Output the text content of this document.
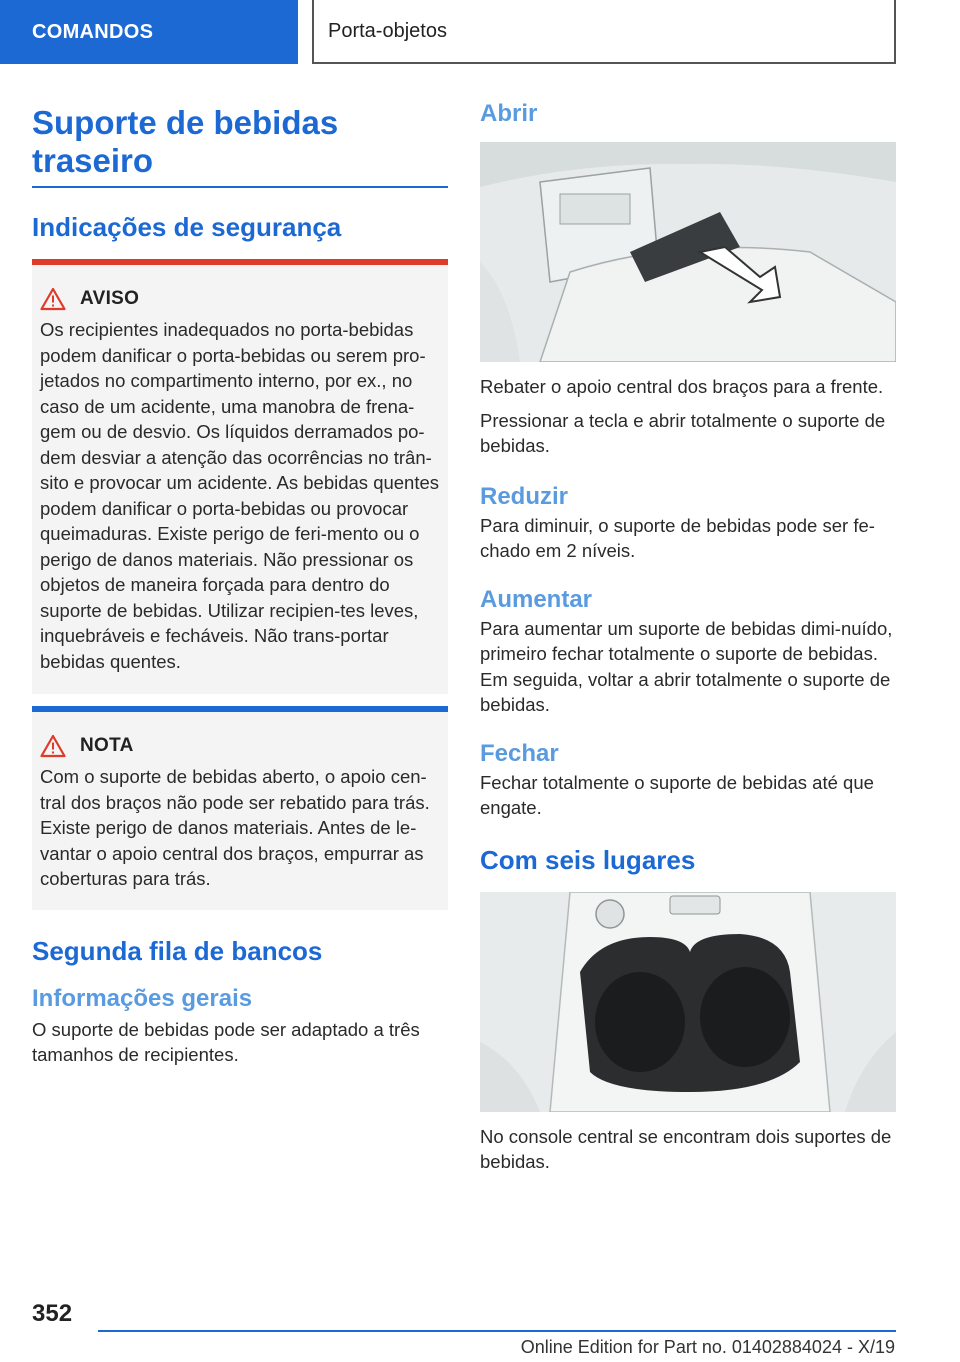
COMANDOS	Porta-objetos
Suporte de bebidas traseiro
Indicações de segurança
AVISO

Os recipientes inadequados no porta-bebidas podem danificar o porta-bebidas ou serem pro-jetados no compartimento interno, por ex., no caso de um acidente, uma manobra de frena-gem ou de desvio. Os líquidos derramados po-dem desviar a atenção das ocorrências no trân-sito e provocar um acidente. As bebidas quentes podem danificar o porta-bebidas ou provocar queimaduras. Existe perigo de feri-mento ou o perigo de danos materiais. Não pressionar os objetos de maneira forçada para dentro do suporte de bebidas. Utilizar recipien-tes leves, inquebráveis e fecháveis. Não trans-portar bebidas quentes.

NOTA

Com o suporte de bebidas aberto, o apoio cen-tral dos braços não pode ser rebatido para trás. Existe perigo de danos materiais. Antes de le-vantar o apoio central dos braços, empurrar as coberturas para trás.

Segunda fila de bancos
Informações gerais

O suporte de bebidas pode ser adaptado a três tamanhos de recipientes.

Abrir

Rebater o apoio central dos braços para a frente.

Pressionar a tecla e abrir totalmente o suporte de bebidas.

Reduzir

Para diminuir, o suporte de bebidas pode ser fe-chado em 2 níveis.

Aumentar

Para aumentar um suporte de bebidas dimi-nuído, primeiro fechar totalmente o suporte de bebidas. Em seguida, voltar a abrir totalmente o suporte de bebidas.

Fechar

Fechar totalmente o suporte de bebidas até que engate.

Com seis lugares

No console central se encontram dois suportes de bebidas.

352
Online Edition for Part no. 01402884024 - X/19
